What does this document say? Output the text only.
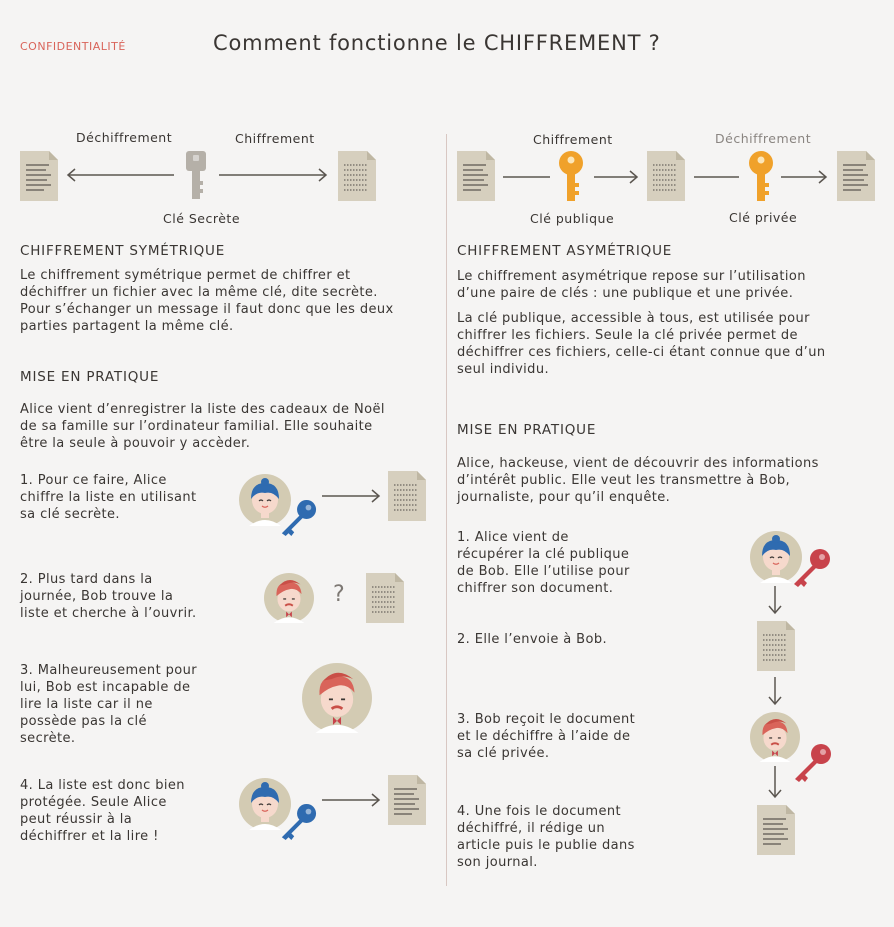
CONFIDENTIALITÉ	Comment fonctionne le CHIFFREMENT ?
Déchiffrement	Chiffrement
Clé Secrète
CHIFFREMENT SYMÉTRIQUE
Le chiffrement symétrique permet de chiffrer et
déchiffrer un fichier avec la même clé, dite secrète.
Pour s’échanger un message il faut donc que les deux
parties partagent la même clé.
MISE EN PRATIQUE
Alice vient d’enregistrer la liste des cadeaux de Noël
de sa famille sur l’ordinateur familial. Elle souhaite
être la seule à pouvoir y accèder.
1. Pour ce faire, Alice
chiffre la liste en utilisant
sa clé secrète.
2. Plus tard dans la
journée, Bob trouve la
liste et cherche à l’ouvrir.
?
3. Malheureusement pour
lui, Bob est incapable de
lire la liste car il ne
possède pas la clé
secrète.
4. La liste est donc bien
protégée. Seule Alice
peut réussir à la
déchiffrer et la lire !
Chiffrement	Déchiffrement
Clé publique	Clé privée
CHIFFREMENT ASYMÉTRIQUE
Le chiffrement asymétrique repose sur l’utilisation
d’une paire de clés : une publique et une privée.
La clé publique, accessible à tous, est utilisée pour
chiffrer les fichiers. Seule la clé privée permet de
déchiffrer ces fichiers, celle-ci étant connue que d’un
seul individu.
MISE EN PRATIQUE
Alice, hackeuse, vient de découvrir des informations
d’intérêt public. Elle veut les transmettre à Bob,
journaliste, pour qu’il enquête.
1. Alice vient de
récupérer la clé publique
de Bob. Elle l’utilise pour
chiffrer son document.
2. Elle l’envoie à Bob.
3. Bob reçoit le document
et le déchiffre à l’aide de
sa clé privée.
4. Une fois le document
déchiffré, il rédige un
article puis le publie dans
son journal.
